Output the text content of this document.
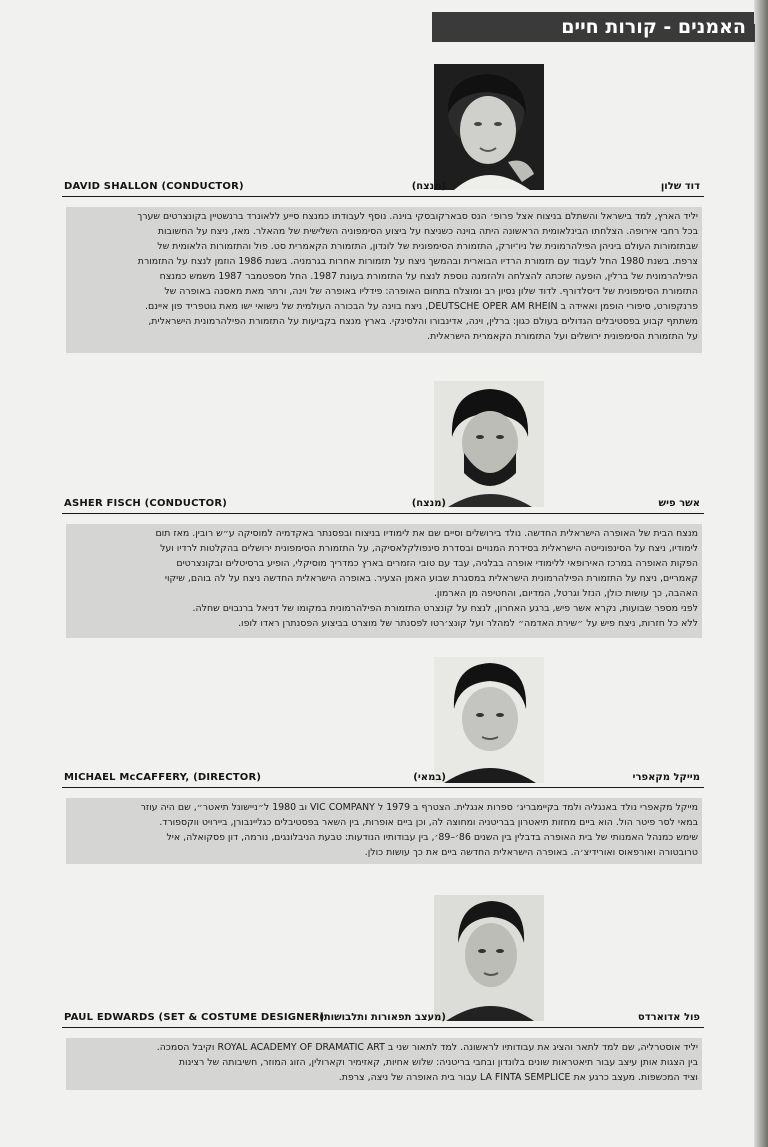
האמנים - קורות חיים
DAVID SHALLON (CONDUCTOR)	(מנצח)	דוד שלון

יליד הארץ, למד בישראל והשתלם בניצוח אצל פרופ׳ הנס סבארקובסקי בוינה. נוסף לעבודתו כמנצח סייע ללאונרד ברנשטיין בקונצרטים שערך

בכל רחבי אירופה. הצלחתו הבינלאומית הראשונה היתה בוינה כשניצח על ביצוע הסימפוניה השלישית של מהאלר. מאז, ניצח על החשובות

שבתזמורות העולם ביניהן הפילהרמונית של ניו־יורק, התזמורת הסימפונית של לונדון, התזמורת הקאמרית סט. פול והתזמורות הלאומית של

צרפת. בשנת 1980 החל לעבוד עם תזמורת הרדיו הבוארית ובהמשך ניצח על תזמורות אחרות בגרמניה. בשנת 1986 הוזמן לנצח על התזמורת

הפילהרמונית של ברלין, הופעה שזכתה להצלחה ולהזמנה נוספת לנצח על התזמורת בעונת 1987. החל מספטמבר 1987 משמש כמנצח

התזמורת הסימפונית של דיסלדורף. לדוד שלון נסיון רב ומוצלח בתחום האופרה: פידליו באופרה של וינה, ורתר מאת מאסנה באופרה של

פרנקפורט, סיפורי הופמן ואאידה ב DEUTSCHE OPER AM RHEIN, ניצח בוינה על הבכורה העולמית של נישואי ישו מאת גוטפריד פון איינם.

משתתף קבוע בפסטיבלים הגדולים בעולם כגון: ברלין, וינה, אדינבורו והלסינקי. בארץ מנצח בקביעות על התזמורת הפילהרמונית הישראלית,

על התזמורת הסימפונית ירושלים ועל התזמורת הקאמרית הישראלית.

ASHER FISCH (CONDUCTOR)	(מנצח)	אשר פיש

מנצח הבית של האופרה הישראלית החדשה. נולד בירושלים וסיים שם את לימודיו בניצוח ובפסנתר באקדמיה למוסיקה ע״ש רובין. מאז תום

לימודיו, ניצח על הסינפונייטה הישראלית בסידרת המנויים ובסדרת סינפולקלאסיקה, על התזמורת הסימפונית ירושלים בהקלטות לרדיו ועל

הפקות האופרה במרכז האירופאי ללימודי אופרה בבלגיה, עבד עם טובי הזמרים בארץ כמדריך מוסיקלי, הופיע ברסיטלים ובקונצרטים

קאמריים, ניצח על התזמורת הפילהרמונית הישראלית במסגרת שבוע האמן הצעיר. באופרה הישראלית החדשה ניצח על לה בוהם, שיקוי

האהבה, כך עושות כולן, הנזל וגרטל, המדיום, והחטיפה מן הארמון.

לפני מספר שבועות, נקרא אשר פיש, ברגע האחרון, לנצח על קונצרט התזמורת הפילהרמונית במקומו של דניאל ברנבוים שחלה.

ללא כל חזרות, ניצח פיש על ״שירת האדמה״ למהלר ועל קונצ׳רטו לפסנתר של מוצרט בביצוע הפסנתרן ראדו לופו.

MICHAEL McCAFFERY, (DIRECTOR)	(במאי)	מייקל מקאפרי

מייקל מקאפרי נולד באנגליה ולמד בקיימבריג׳ ספרות אנגלית. הצטרף ב 1979 ל VIC COMPANY וב 1980 ל״ניישונל תיאטר״, שם היה עוזר

במאי לסר פיטר הול. הוא ביים מחזות תיאטרון בבריטניה ומחוצה לה, וכן ביים אופרות, בין השאר בפסטיבלים כגליינבורן, ביירויט ווקספורד.

שימש כמנהל האמנותי של בית האופרה בדבלין בין השנים 86׳–89׳, בין עבודותיו הנודעות: טבעת הניבלונגים, נורמה, דון פסקואלה, איל

טרובטורה ואורפאוס ואורידיצ׳ה. באופרה הישראלית החדשה ביים את כך עושות כולן.

PAUL EDWARDS (SET & COSTUME DESIGNER)
(מעצב תפאורות ותלבושות)	פול אדוארדס

יליד אוסטרליה, שם למד לתאר והציג את עבודותיו לראשונה. למד לתאור שני ב ROYAL ACADEMY OF DRAMATIC ART וקיבל הסמכה.

בין הצגות אותן עיצב עבור תיאטראות שונים בלונדון ובחבי בריטניה: שלוש אחיות, קאזימיר וקארולין, הזוג המוזר, חשיבותה של רצינות

וציד המכשפות. מעצב כרגע את LA FINTA SEMPLICE עבור בית האופרה של ניצה, צרפת.
